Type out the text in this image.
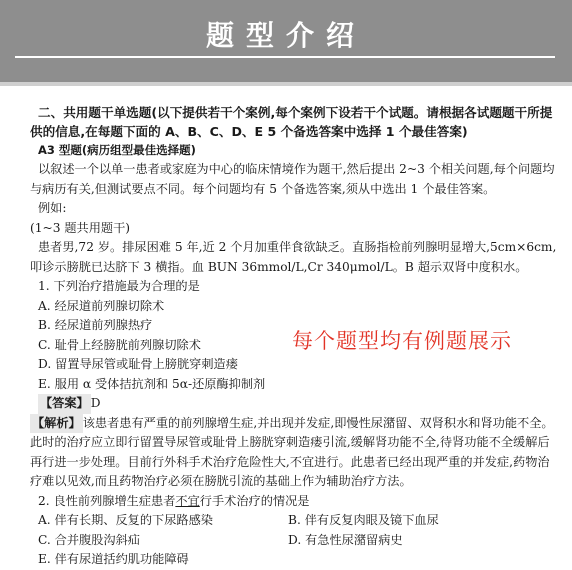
题型介绍

二、共用题干单选题(以下提供若干个案例,每个案例下设若干个试题。请根据各试题题干所提供的信息,在每题下面的 A、B、C、D、E 5 个备选答案中选择 1 个最佳答案)

A3 型题(病历组型最佳选择题)

以叙述一个以单一患者或家庭为中心的临床情境作为题干,然后提出 2~3 个相关问题,每个问题均与病历有关,但测试要点不同。每个问题均有 5 个备选答案,须从中选出 1 个最佳答案。

例如:

(1~3 题共用题干)

患者男,72 岁。排尿困难 5 年,近 2 个月加重伴食欲缺乏。直肠指检前列腺明显增大,5cm×6cm,叩诊示膀胱已达脐下 3 横指。血 BUN 36mmol/L,Cr 340μmol/L。B 超示双肾中度积水。

1. 下列治疗措施最为合理的是

A. 经尿道前列腺切除术

B. 经尿道前列腺热疗

C. 耻骨上经膀胱前列腺切除术

D. 留置导尿管或耻骨上膀胱穿刺造瘘

E. 服用 α 受体拮抗剂和 5α-还原酶抑制剂

【答案】 D

【解析】 该患者患有严重的前列腺增生症,并出现并发症,即慢性尿潴留、双肾积水和肾功能不全。此时的治疗应立即行留置导尿管或耻骨上膀胱穿刺造瘘引流,缓解肾功能不全,待肾功能不全缓解后再行进一步处理。目前行外科手术治疗危险性大,不宜进行。此患者已经出现严重的并发症,药物治疗难以见效,而且药物治疗必须在膀胱引流的基础上作为辅助治疗方法。

2. 良性前列腺增生症患者不宜行手术治疗的情况是

A. 伴有长期、反复的下尿路感染	B. 伴有反复肉眼及镜下血尿
C. 合并腹股沟斜疝	D. 有急性尿潴留病史

E. 伴有尿道括约肌功能障碍

每个题型均有例题展示
